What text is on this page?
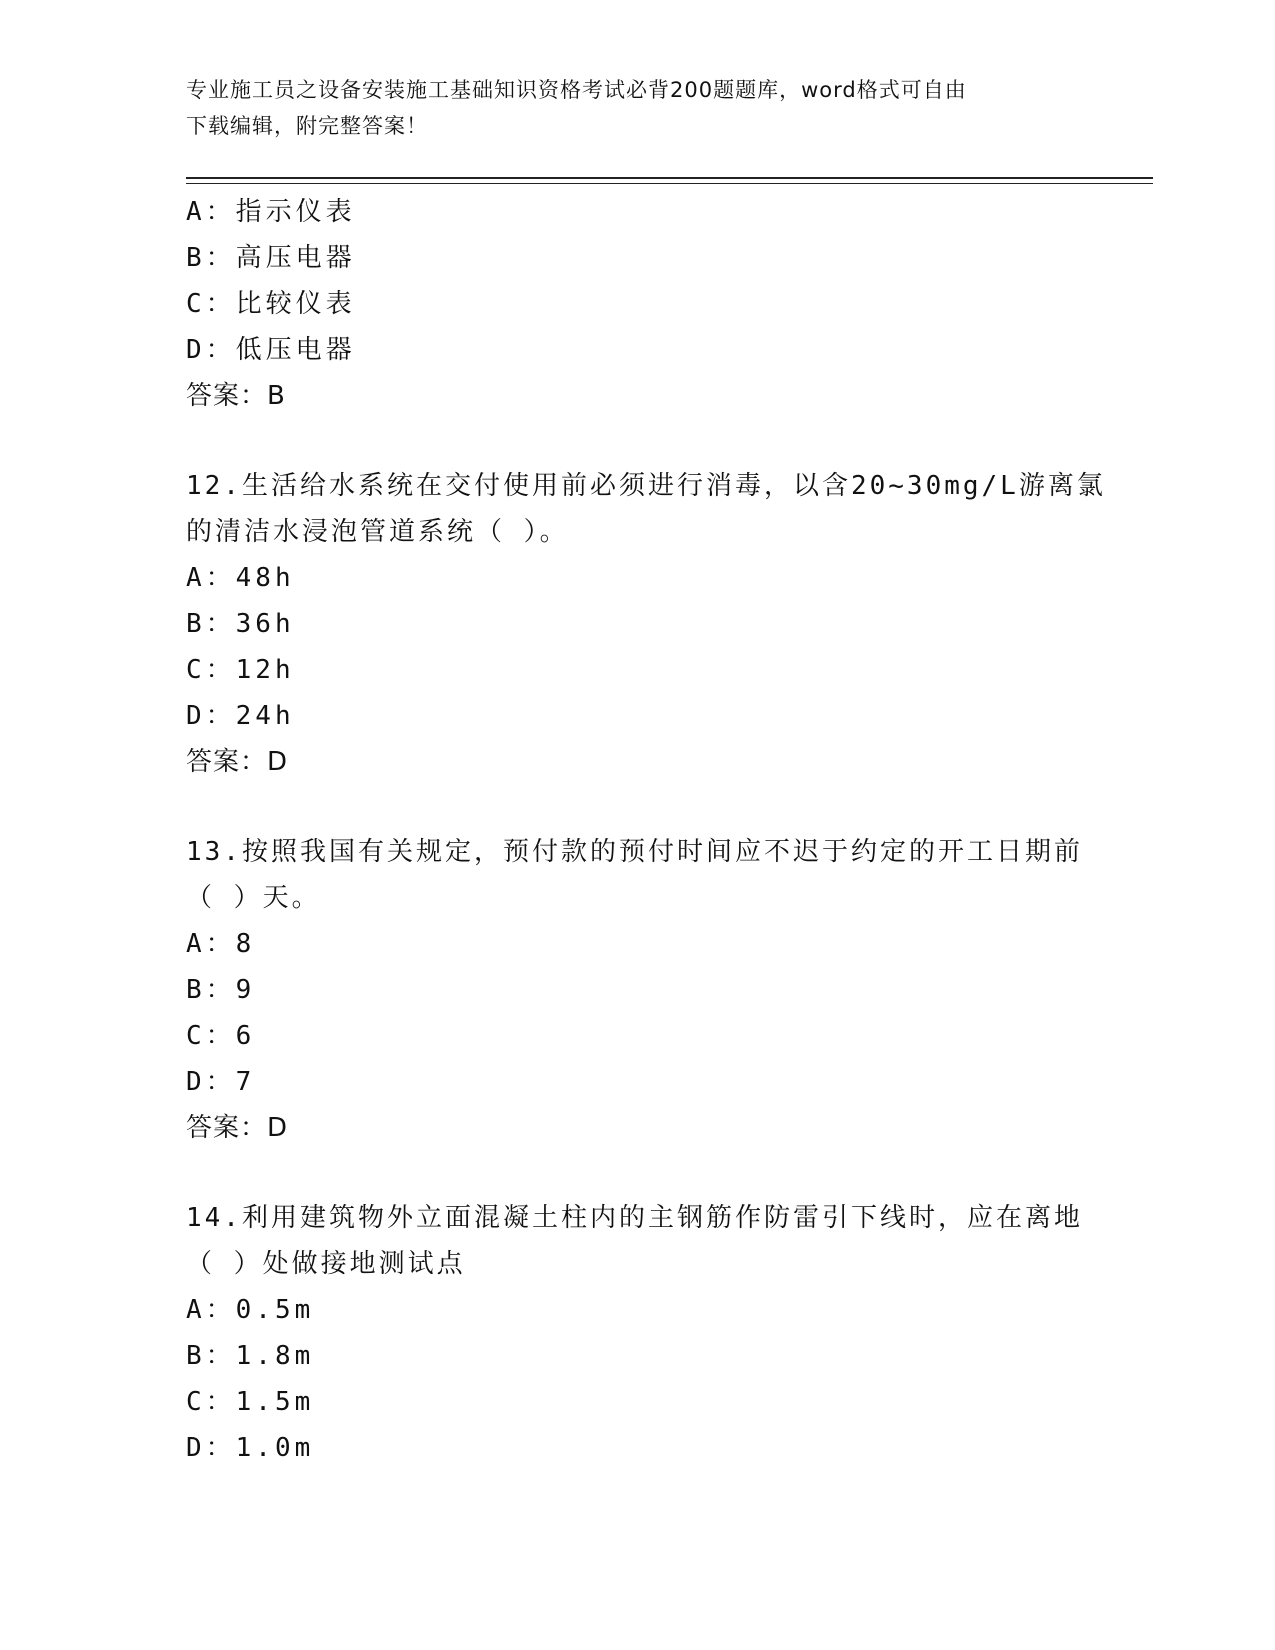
专业施工员之设备安装施工基础知识资格考试必背200题题库，word格式可自由
下载编辑，附完整答案！
A：指示仪表
B：高压电器
C：比较仪表
D：低压电器
答案：B
12.生活给水系统在交付使用前必须进行消毒，以含20~30mg/L游离氯
的清洁水浸泡管道系统（ ）。
A：48h
B：36h
C：12h
D：24h
答案：D
13.按照我国有关规定，预付款的预付时间应不迟于约定的开工日期前
（ ）天。
A：8
B：9
C：6
D：7
答案：D
14.利用建筑物外立面混凝土柱内的主钢筋作防雷引下线时，应在离地
（ ）处做接地测试点
A：0.5m
B：1.8m
C：1.5m
D：1.0m
